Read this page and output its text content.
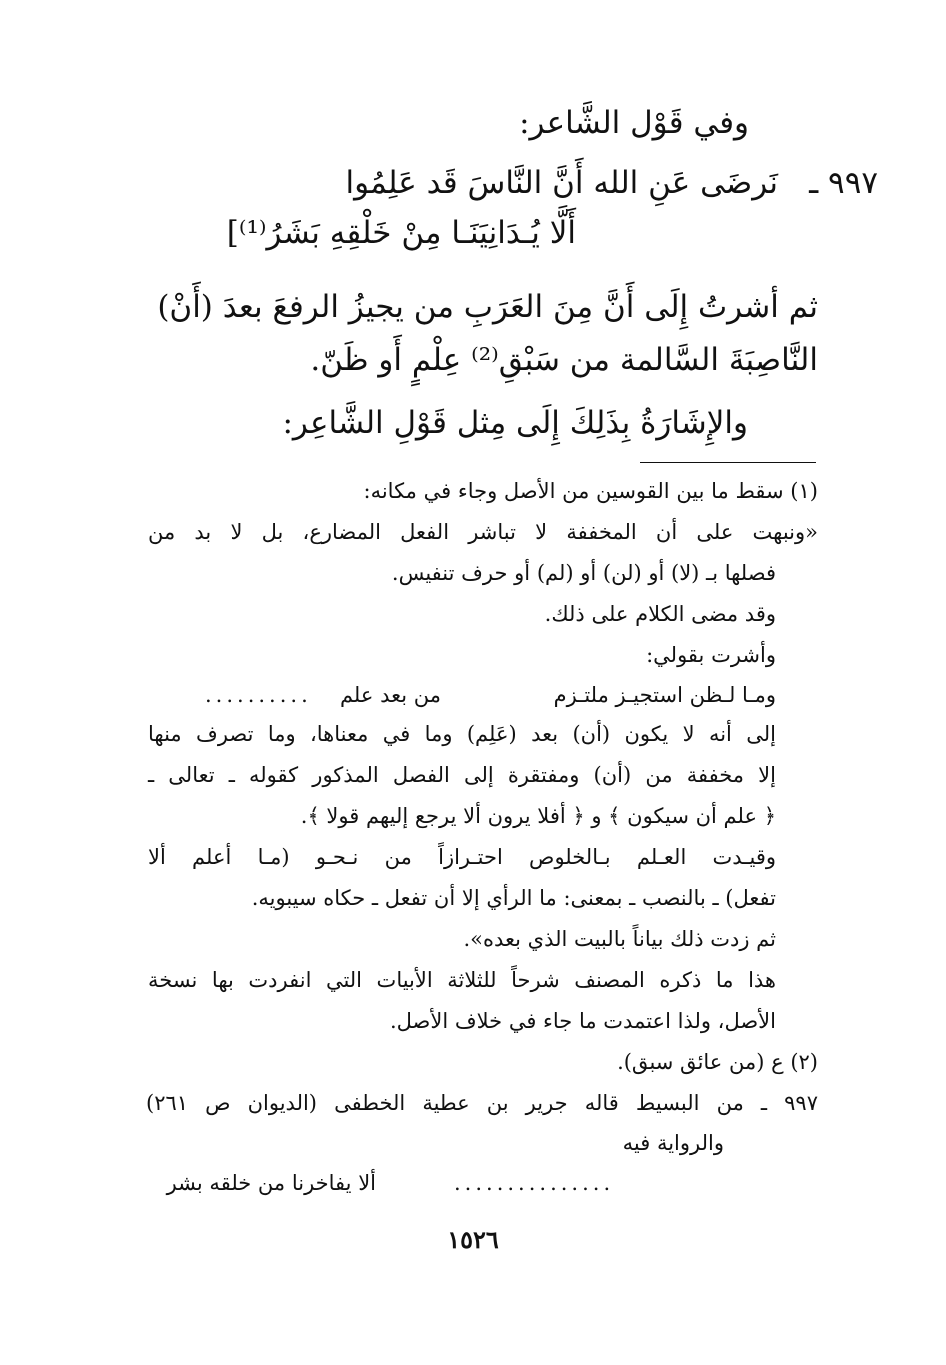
وفي قَوْل الشَّاعر:
٩٩٧ ـ
نَرضَى عَنِ الله أَنَّ النَّاسَ قَد عَلِمُوا
أَلَّا يُـدَانِيَنَـا مِنْ خَلْقِهِ بَشَرُ⁽¹⁾]
ثم أشرتُ إِلَى أَنَّ مِنَ العَرَبِ من يجيزُ الرفعَ بعدَ (أَنْ)
النَّاصِبَةَ السَّالمة من سَبْقِ⁽²⁾ عِلْمٍ أَو ظَنّ.
والإِشَارَةُ بِذَلِكَ إِلَى مِثل قَوْلِ الشَّاعِر:
(١) سقط ما بين القوسين من الأصل وجاء في مكانه:
«ونبهت على أن المخففة لا تباشر الفعل المضارع، بل لا بد من
فصلها بـ (لا) أو (لن) أو (لم) أو حرف تنفيس.
وقد مضى الكلام على ذلك.
وأشرت بقولي:
ومـا لـظن استجيـز ملتـزم
من بعد علم
..........
إلى أنه لا يكون (أن) بعد (عَلِم) وما في معناها، وما تصرف منها
إلا مخففة من (أن) ومفتقرة إلى الفصل المذكور كقوله ـ تعالى ـ
﴿ علم أن سيكون ﴾ و ﴿ أفلا يرون ألا يرجع إليهم قولا ﴾.
وقيـدت العـلم بـالخلوص احتـرازاً من نـحـو (مـا أعلم ألا
تفعل) ـ بالنصب ـ بمعنى: ما الرأي إلا أن تفعل ـ حكاه سيبويه.
ثم زدت ذلك بياناً بالبيت الذي بعده».
هذا ما ذكره المصنف شرحاً للثلاثة الأبيات التي انفردت بها نسخة
الأصل، ولذا اعتمدت ما جاء في خلاف الأصل.
(٢) ع (من عائق سبق).
٩٩٧ ـ من البسيط قاله جرير بن عطية الخطفى (الديوان ص ٢٦١)
والرواية فيه
...............
ألا يفاخرنا من خلقه بشر
١٥٢٦
